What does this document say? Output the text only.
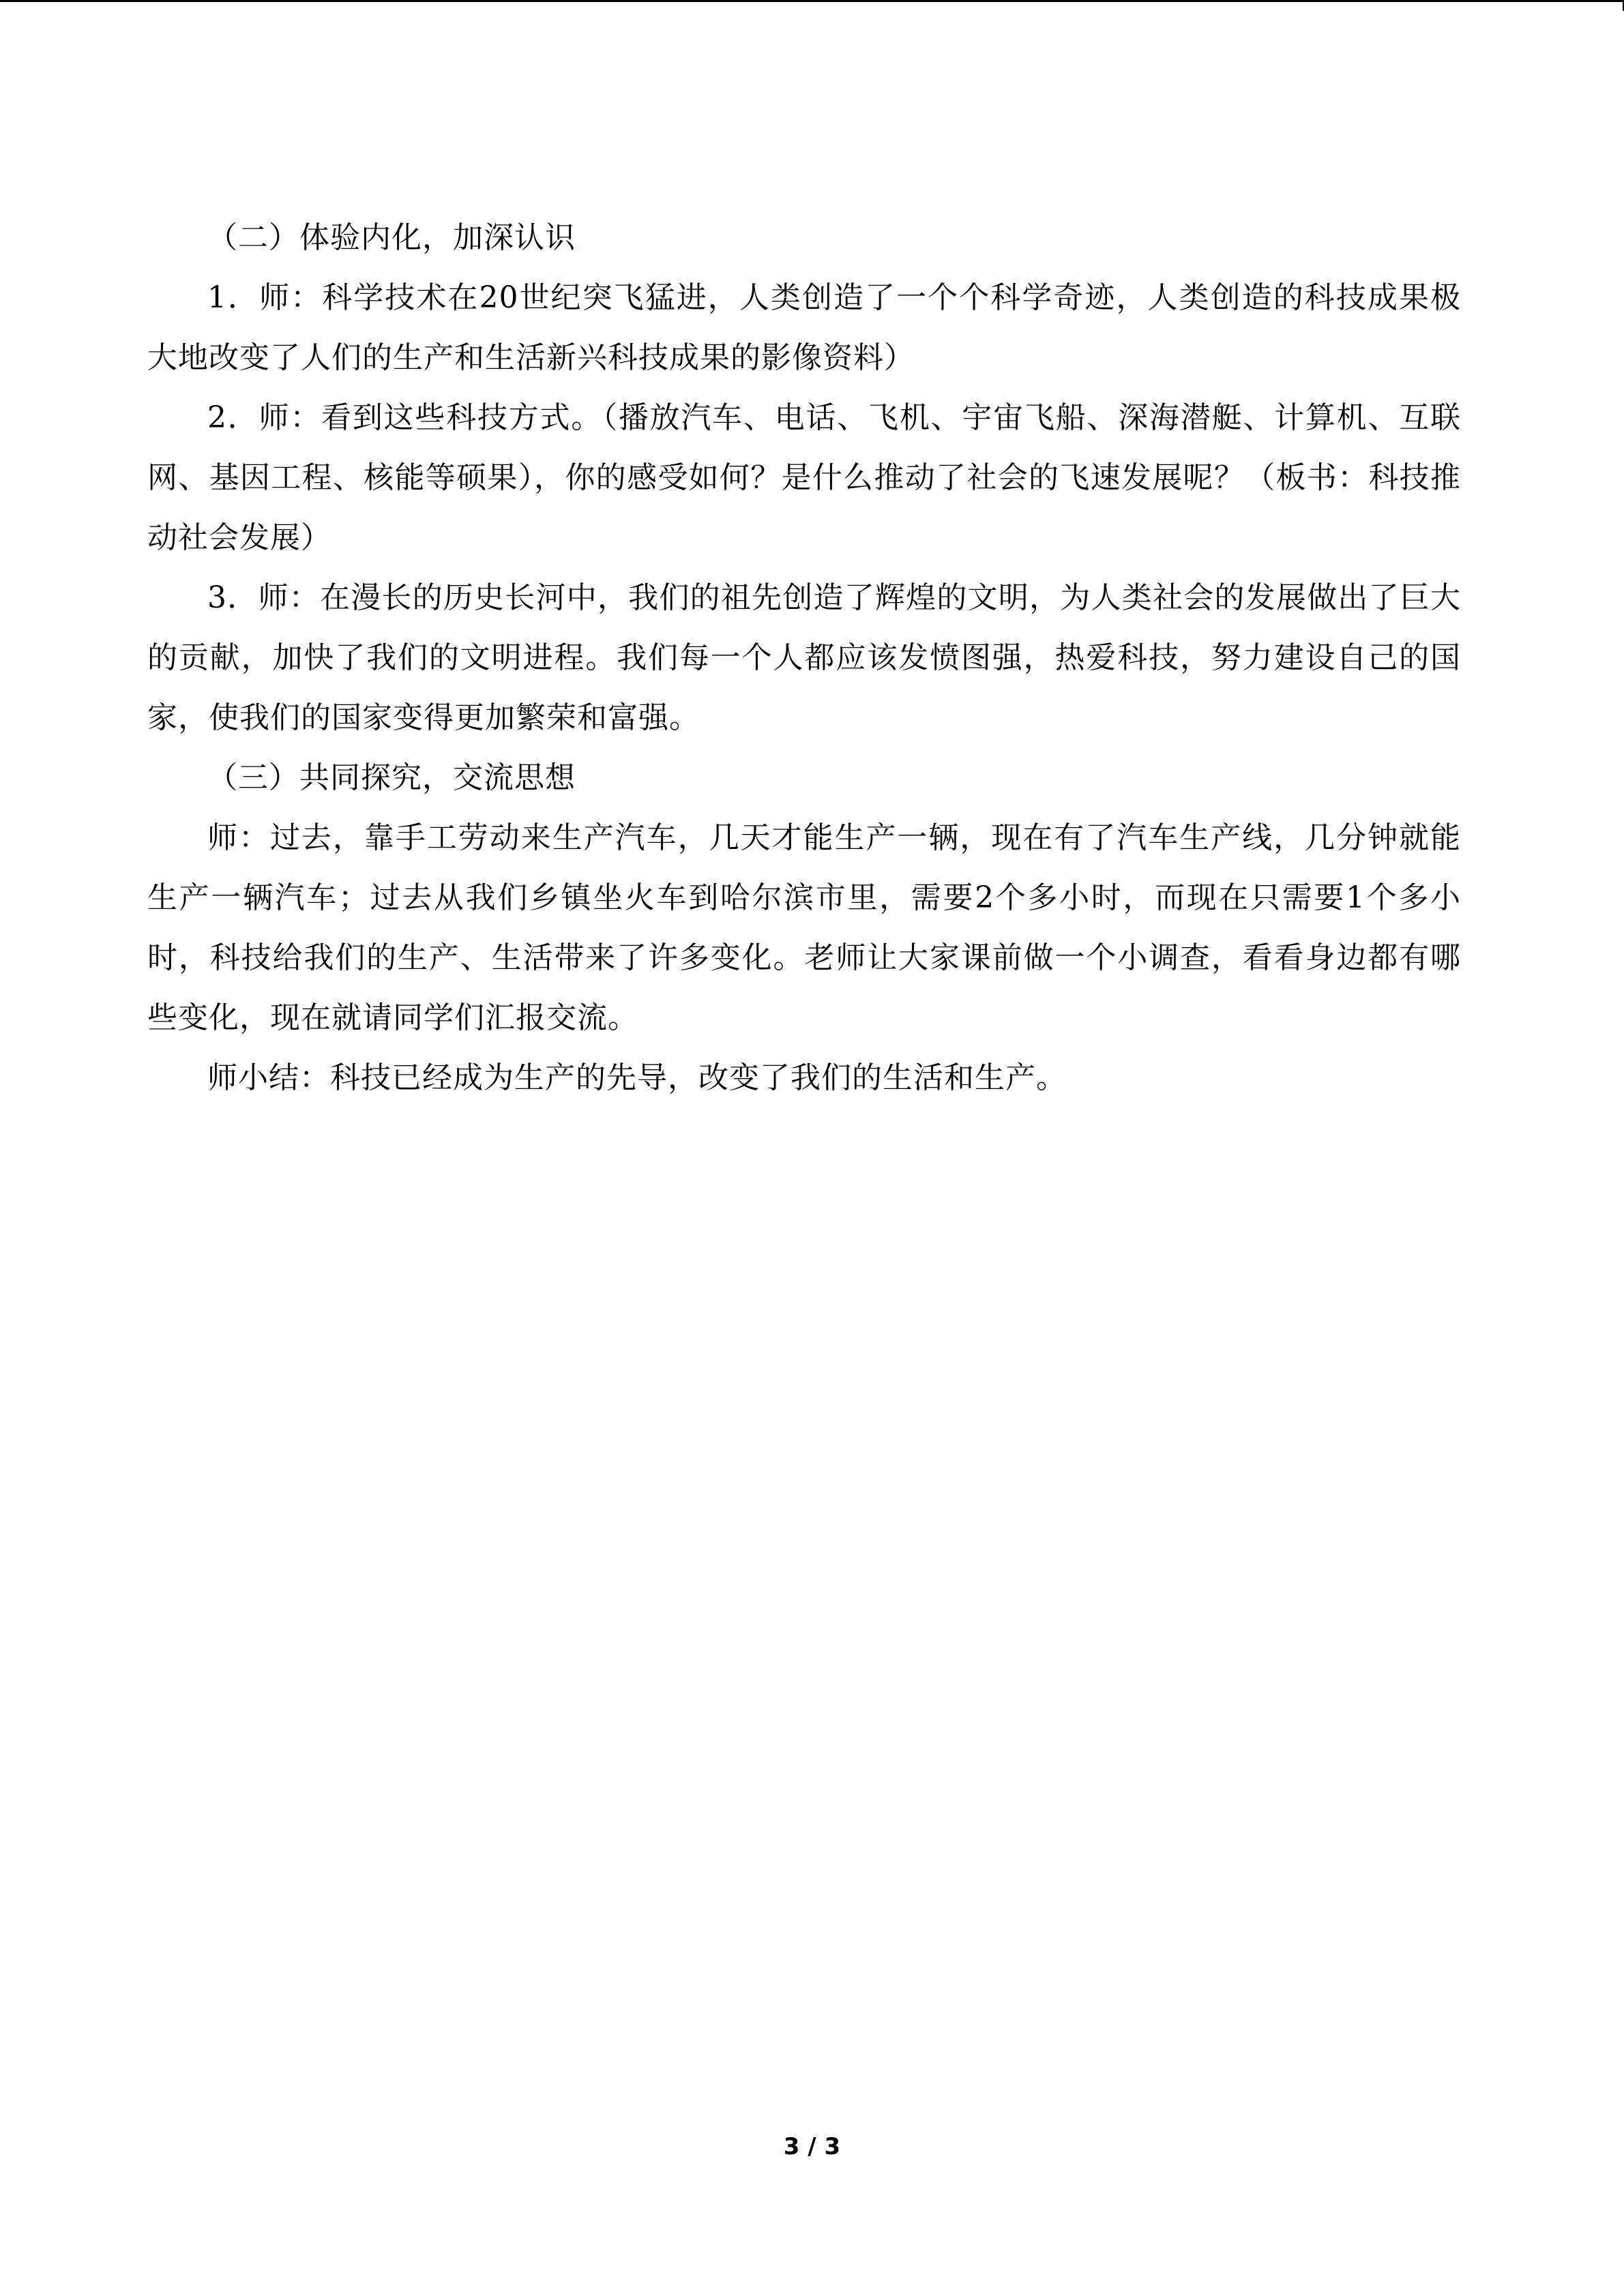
（二）体验内化，加深认识

1．师：科学技术在20世纪突飞猛进，人类创造了一个个科学奇迹，人类创造的科技成果极大地改变了人们的生产和生活新兴科技成果的影像资料）

2．师：看到这些科技方式。（播放汽车、电话、飞机、宇宙飞船、深海潜艇、计算机、互联网、基因工程、核能等硕果），你的感受如何？是什么推动了社会的飞速发展呢？（板书：科技推动社会发展）

3．师：在漫长的历史长河中，我们的祖先创造了辉煌的文明，为人类社会的发展做出了巨大的贡献，加快了我们的文明进程。我们每一个人都应该发愤图强，热爱科技，努力建设自己的国家，使我们的国家变得更加繁荣和富强。

（三）共同探究，交流思想

师：过去，靠手工劳动来生产汽车，几天才能生产一辆，现在有了汽车生产线，几分钟就能生产一辆汽车；过去从我们乡镇坐火车到哈尔滨市里，需要2个多小时，而现在只需要1个多小时，科技给我们的生产、生活带来了许多变化。老师让大家课前做一个小调查，看看身边都有哪些变化，现在就请同学们汇报交流。

师小结：科技已经成为生产的先导，改变了我们的生活和生产。

3 / 3
